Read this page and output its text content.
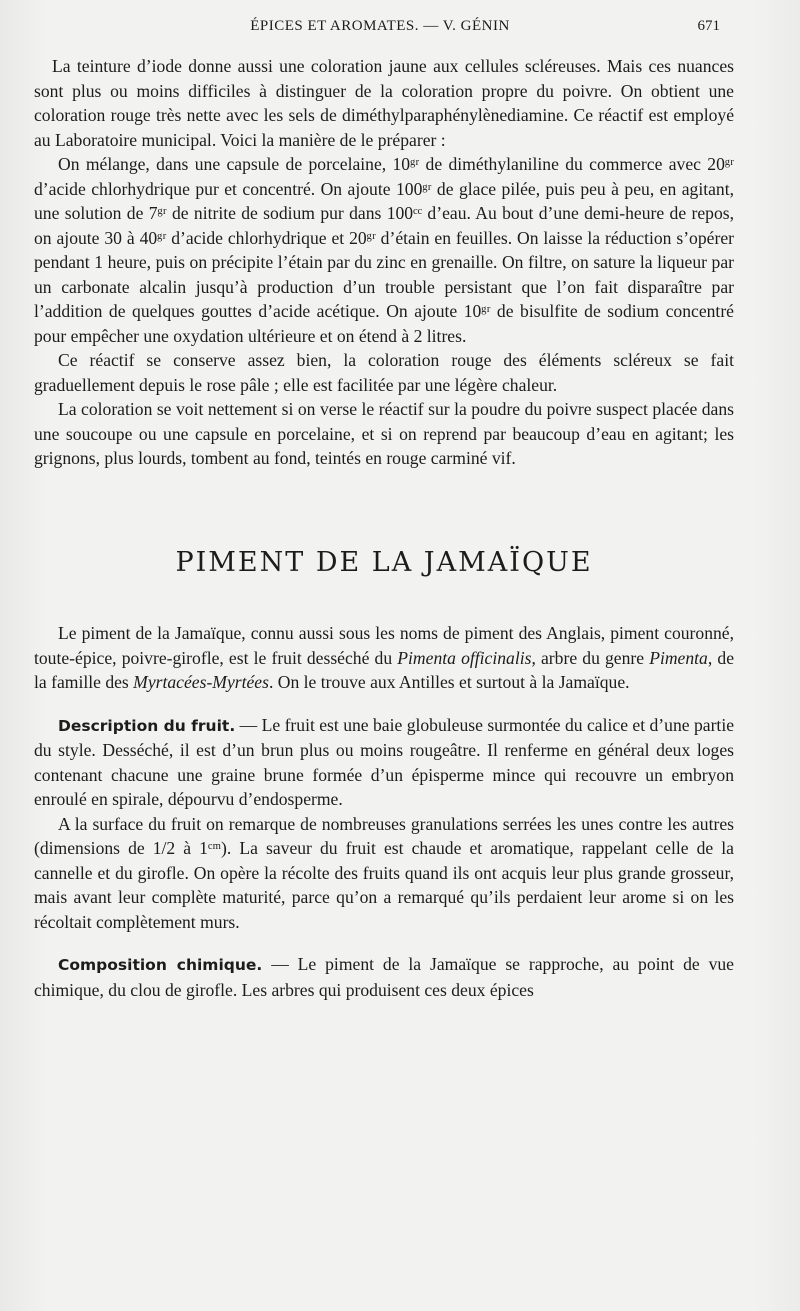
ÉPICES ET AROMATES. — V. GÉNIN	671

La teinture d’iode donne aussi une coloration jaune aux cellules scléreuses. Mais ces nuances sont plus ou moins difficiles à distinguer de la coloration propre du poivre. On obtient une coloration rouge très nette avec les sels de diméthylparaphénylènediamine. Ce réactif est employé au Laboratoire municipal. Voici la manière de le préparer :

On mélange, dans une capsule de porcelaine, 10ᵍʳ de diméthylaniline du commerce avec 20ᵍʳ d’acide chlorhydrique pur et concentré. On ajoute 100ᵍʳ de glace pilée, puis peu à peu, en agitant, une solution de 7ᵍʳ de nitrite de sodium pur dans 100ᶜᶜ d’eau. Au bout d’une demi-heure de repos, on ajoute 30 à 40ᵍʳ d’acide chlorhydrique et 20ᵍʳ d’étain en feuilles. On laisse la réduction s’opérer pendant 1 heure, puis on précipite l’étain par du zinc en grenaille. On filtre, on sature la liqueur par un carbonate alcalin jusqu’à production d’un trouble persistant que l’on fait disparaître par l’addition de quelques gouttes d’acide acétique. On ajoute 10ᵍʳ de bisulfite de sodium concentré pour empêcher une oxydation ultérieure et on étend à 2 litres.

Ce réactif se conserve assez bien, la coloration rouge des éléments scléreux se fait graduellement depuis le rose pâle ; elle est facilitée par une légère chaleur.

La coloration se voit nettement si on verse le réactif sur la poudre du poivre suspect placée dans une soucoupe ou une capsule en porcelaine, et si on reprend par beaucoup d’eau en agitant; les grignons, plus lourds, tombent au fond, teintés en rouge carminé vif.

PIMENT DE LA JAMAÏQUE

Le piment de la Jamaïque, connu aussi sous les noms de piment des Anglais, piment couronné, toute-épice, poivre-girofle, est le fruit desséché du Pimenta officinalis, arbre du genre Pimenta, de la famille des Myrtacées-Myrtées. On le trouve aux Antilles et surtout à la Jamaïque.

Description du fruit. — Le fruit est une baie globuleuse surmontée du calice et d’une partie du style. Desséché, il est d’un brun plus ou moins rougeâtre. Il renferme en général deux loges contenant chacune une graine brune formée d’un épisperme mince qui recouvre un embryon enroulé en spirale, dépourvu d’endosperme.

A la surface du fruit on remarque de nombreuses granulations serrées les unes contre les autres (dimensions de 1/2 à 1ᶜᵐ). La saveur du fruit est chaude et aromatique, rappelant celle de la cannelle et du girofle. On opère la récolte des fruits quand ils ont acquis leur plus grande grosseur, mais avant leur complète maturité, parce qu’on a remarqué qu’ils perdaient leur arome si on les récoltait complètement murs.

Composition chimique. — Le piment de la Jamaïque se rapproche, au point de vue chimique, du clou de girofle. Les arbres qui produisent ces deux épices
